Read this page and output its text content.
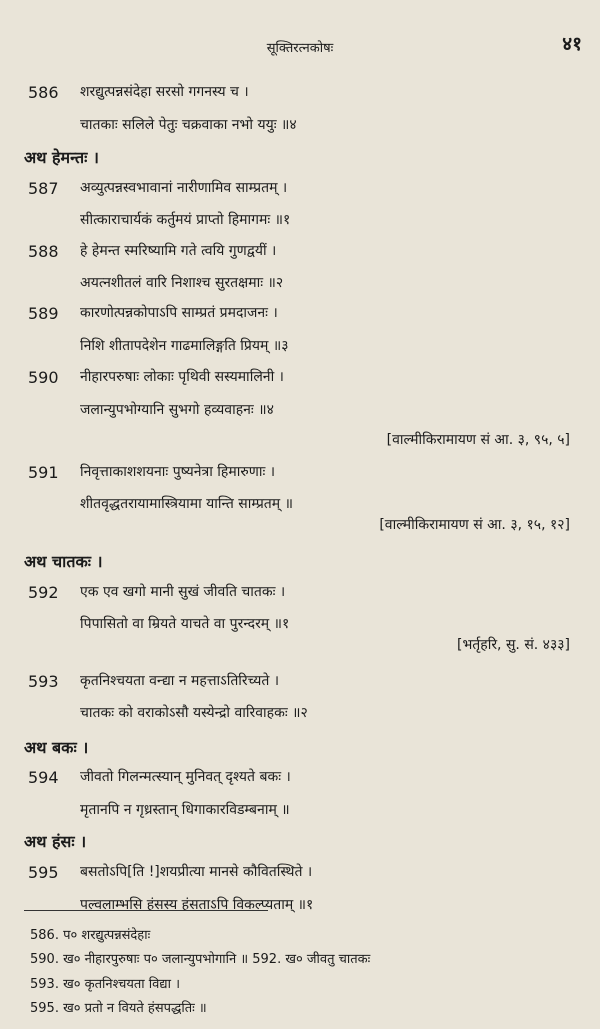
सूक्तिरत्नकोषः	४१
586 शरद्युत्पन्नसंदेहा सरसो गगनस्य च ।
चातकाः सलिले पेतुः चक्रवाका नभो ययुः ॥४
अथ हेमन्तः ।
587 अव्युत्पन्नस्वभावानां नारीणामिव साम्प्रतम् ।
सीत्काराचार्यकं कर्तुमयं प्राप्तो हिमागमः ॥१
588 हे हेमन्त स्मरिष्यामि गते त्वयि गुणद्वयीं ।
अयत्नशीतलं वारि निशाश्च सुरतक्षमाः ॥२
589 कारणोत्पन्नकोपाऽपि साम्प्रतं प्रमदाजनः ।
निशि शीतापदेशेन गाढमालिङ्गति प्रियम् ॥३
590 नीहारपरुषाः लोकाः पृथिवी सस्यमालिनी ।
जलान्युपभोग्यानि सुभगो हव्यवाहनः ॥४
[वाल्मीकिरामायण सं आ. ३, ९५, ५]
591 निवृत्ताकाशशयनाः पुष्यनेत्रा हिमारुणाः ।
शीतवृद्धतरायामास्त्रियामा यान्ति साम्प्रतम् ॥
[वाल्मीकिरामायण सं आ. ३, १५, १२]
अथ चातकः ।
592 एक एव खगो मानी सुखं जीवति चातकः ।
पिपासितो वा म्रियते याचते वा पुरन्दरम् ॥१
[भर्तृहरि, सु. सं. ४३३]
593 कृतनिश्चयता वन्द्या न महत्ताऽतिरिच्यते ।
चातकः को वराकोऽसौ यस्येन्द्रो वारिवाहकः ॥२
अथ बकः ।
594 जीवतो गिलन्मत्स्यान् मुनिवत् दृश्यते बकः ।
मृतानपि न गृध्रस्तान् धिगाकारविडम्बनाम् ॥
अथ हंसः ।
595 बसतोऽपि[ति !]शयप्रीत्या मानसे कौवितस्थिते ।
पल्वलाम्भसि हंसस्य हंसताऽपि विकल्प्यताम् ॥१
586. प० शरद्युत्पन्नसंदेहाः
590. ख० नीहारपुरुषाः प० जलान्युपभोगानि ॥ 592. ख० जीवतु चातकः
593. ख० कृतनिश्चयता विद्या ।
595. ख० प्रतो न वियते हंसपद्धतिः ॥
